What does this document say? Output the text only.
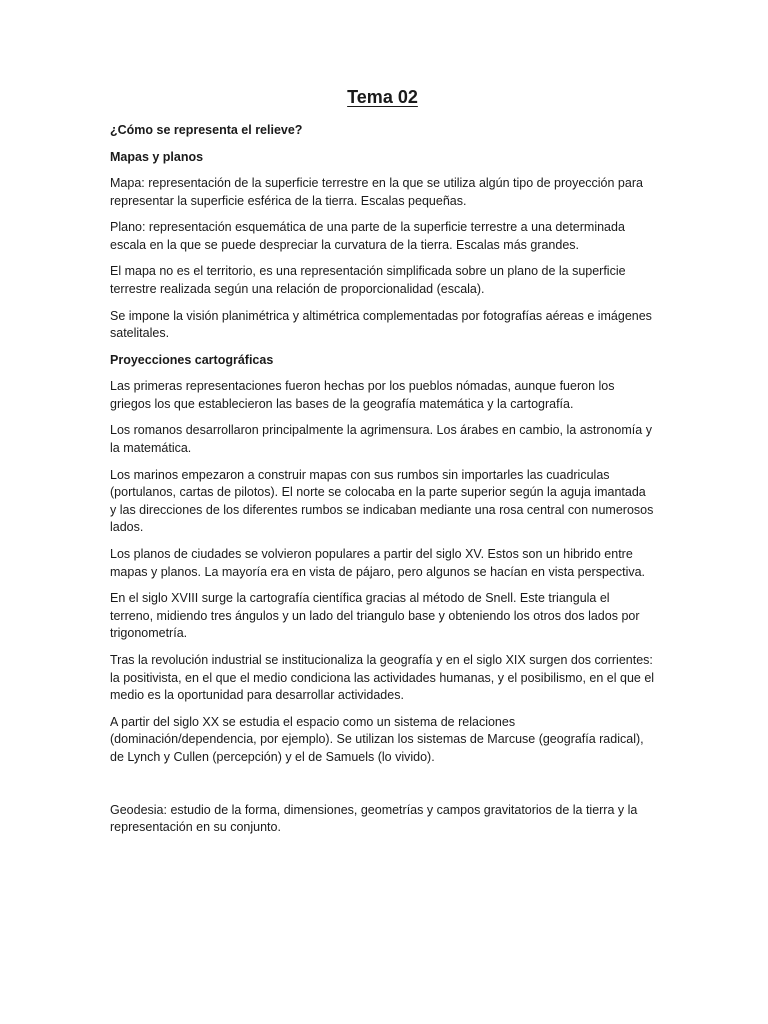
Tema 02
¿Cómo se representa el relieve?
Mapas y planos
Mapa: representación de la superficie terrestre en la que se utiliza algún tipo de proyección para representar la superficie esférica de la tierra. Escalas pequeñas.
Plano: representación esquemática de una parte de la superficie terrestre a una determinada escala en la que se puede despreciar la curvatura de la tierra. Escalas más grandes.
El mapa no es el territorio, es una representación simplificada sobre un plano de la superficie terrestre realizada según una relación de proporcionalidad (escala).
Se impone la visión planimétrica y altimétrica complementadas por fotografías aéreas e imágenes satelitales.
Proyecciones cartográficas
Las primeras representaciones fueron hechas por los pueblos nómadas, aunque fueron los griegos los que establecieron las bases de la geografía matemática y la cartografía.
Los romanos desarrollaron principalmente la agrimensura. Los árabes en cambio, la astronomía y la matemática.
Los marinos empezaron a construir mapas con sus rumbos sin importarles las cuadriculas (portulanos, cartas de pilotos). El norte se colocaba en la parte superior según la aguja imantada y las direcciones de los diferentes rumbos se indicaban mediante una rosa central con numerosos lados.
Los planos de ciudades se volvieron populares a partir del siglo XV. Estos son un hibrido entre mapas y planos. La mayoría era en vista de pájaro, pero algunos se hacían en vista perspectiva.
En el siglo XVIII surge la cartografía científica gracias al método de Snell. Este triangula el terreno, midiendo tres ángulos y un lado del triangulo base y obteniendo los otros dos lados por trigonometría.
Tras la revolución industrial se institucionaliza la geografía y en el siglo XIX surgen dos corrientes: la positivista, en el que el medio condiciona las actividades humanas, y el posibilismo, en el que el medio es la oportunidad para desarrollar actividades.
A partir del siglo XX se estudia el espacio como un sistema de relaciones (dominación/dependencia, por ejemplo). Se utilizan los sistemas de Marcuse (geografía radical), de Lynch y Cullen (percepción) y el de Samuels (lo vivido).
Geodesia: estudio de la forma, dimensiones, geometrías y campos gravitatorios de la tierra y la representación en su conjunto.
